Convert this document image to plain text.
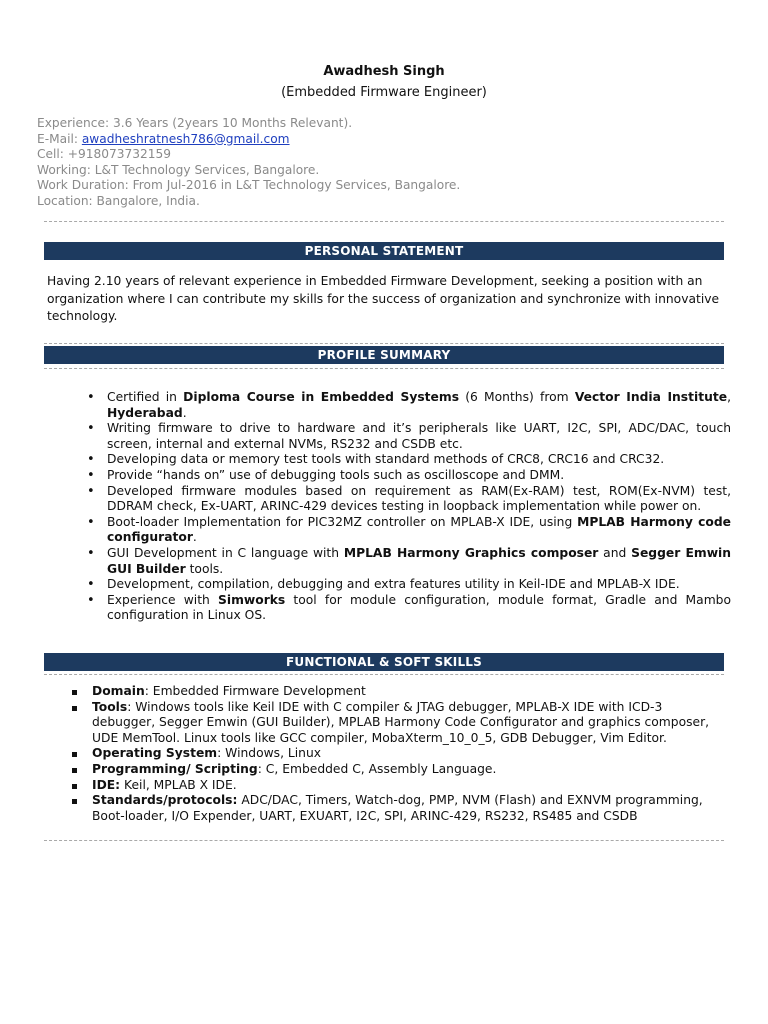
Awadhesh Singh
(Embedded Firmware Engineer)
Experience: 3.6 Years (2years 10 Months Relevant).
E-Mail: awadheshratnesh786@gmail.com
Cell: +918073732159
Working: L&T Technology Services, Bangalore.
Work Duration: From Jul-2016 in L&T Technology Services, Bangalore.
Location: Bangalore, India.
PERSONAL STATEMENT
Having 2.10 years of relevant experience in Embedded Firmware Development, seeking a position with an organization where I can contribute my skills for the success of organization and synchronize with innovative technology.
PROFILE SUMMARY
• Certified in Diploma Course in Embedded Systems (6 Months) from Vector India Institute, Hyderabad.
• Writing firmware to drive to hardware and it’s peripherals like UART, I2C, SPI, ADC/DAC, touch screen, internal and external NVMs, RS232 and CSDB etc.
• Developing data or memory test tools with standard methods of CRC8, CRC16 and CRC32.
• Provide “hands on” use of debugging tools such as oscilloscope and DMM.
• Developed firmware modules based on requirement as RAM(Ex-RAM) test, ROM(Ex-NVM) test, DDRAM check, Ex-UART, ARINC-429 devices testing in loopback implementation while power on.
• Boot-loader Implementation for PIC32MZ controller on MPLAB-X IDE, using MPLAB Harmony code configurator.
• GUI Development in C language with MPLAB Harmony Graphics composer and Segger Emwin GUI Builder tools.
• Development, compilation, debugging and extra features utility in Keil-IDE and MPLAB-X IDE.
• Experience with Simworks tool for module configuration, module format, Gradle and Mambo configuration in Linux OS.
FUNCTIONAL & SOFT SKILLS
Domain: Embedded Firmware Development
Tools: Windows tools like Keil IDE with C compiler & JTAG debugger, MPLAB-X IDE with ICD-3 debugger, Segger Emwin (GUI Builder), MPLAB Harmony Code Configurator and graphics composer, UDE MemTool. Linux tools like GCC compiler, MobaXterm_10_0_5, GDB Debugger, Vim Editor.
Operating System: Windows, Linux
Programming/ Scripting: C, Embedded C, Assembly Language.
IDE: Keil, MPLAB X IDE.
Standards/protocols: ADC/DAC, Timers, Watch-dog, PMP, NVM (Flash) and EXNVM programming, Boot-loader, I/O Expender, UART, EXUART, I2C, SPI, ARINC-429, RS232, RS485 and CSDB
